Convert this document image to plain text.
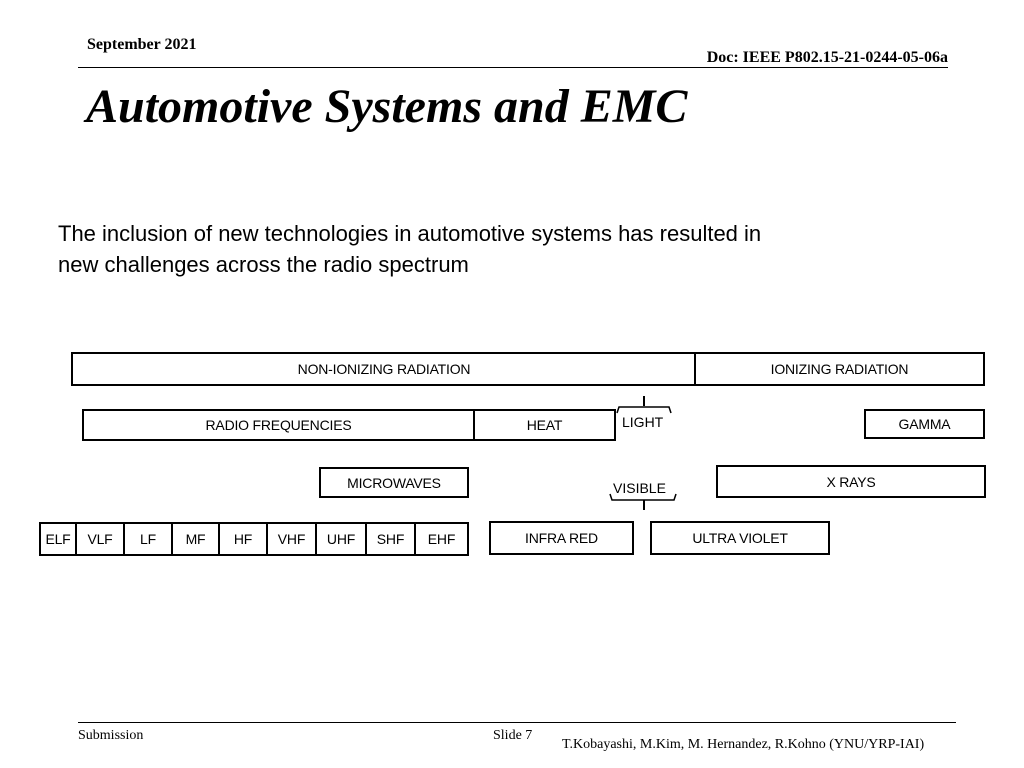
September 2021
Doc: IEEE P802.15-21-0244-05-06a
Automotive Systems and EMC
The inclusion of new technologies in automotive systems has resulted in
new challenges across the radio spectrum
NON-IONIZING RADIATION	IONIZING RADIATION
RADIO FREQUENCIES	HEAT	GAMMA
LIGHT
MICROWAVES	X RAYS
VISIBLE
ELF	VLF	LF	MF	HF	VHF	UHF	SHF	EHF	INFRA RED	ULTRA VIOLET
Submission	Slide 7
T.Kobayashi, M.Kim, M. Hernandez, R.Kohno (YNU/YRP-IAI)
